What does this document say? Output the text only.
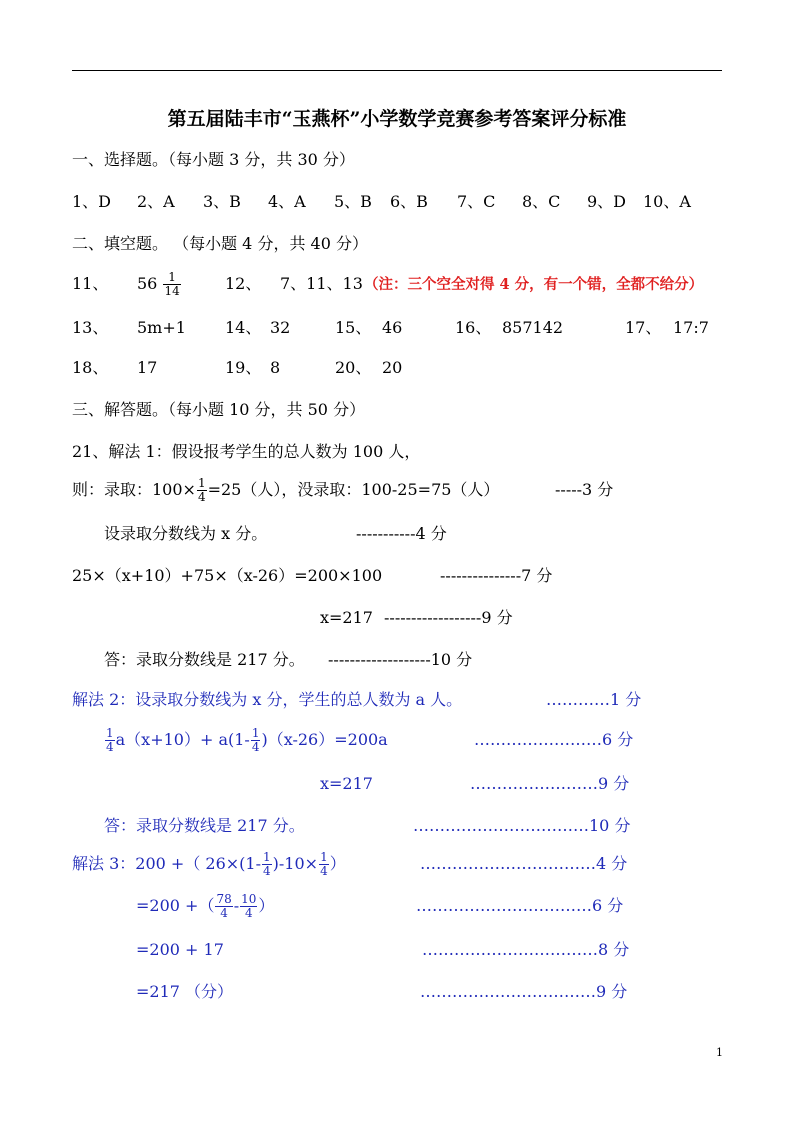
第五届陆丰市“玉燕杯”小学数学竞赛参考答案评分标准
一、选择题。（每小题 3 分，共 30 分）
1、D 2、A 3、B 4、A 5、B 6、B 7、C 8、C 9、D 10、A
二、填空题。 （每小题 4 分，共 40 分）
11、 $56 \frac{1}{14}$	12、 7、11、13 （注：三个空全对得 4 分，有一个错，全都不给分）
13、 5m+1 14、 32	15、 46	16、 857142	17、 17:7
18、 17	19、 8	20、 20
三、解答题。（每小题 10 分，共 50 分）
21、解法 1：假设报考学生的总人数为 100 人，
则：录取：$100\times \frac{1}{4} =25$（人），没录取：100-25=75（人）	-----3 分
设录取分数线为 x 分。	-----------4 分
25×（x+10）+75×（x-26）=200×100	---------------7 分
x=217 ------------------9 分
答：录取分数线是 217 分。 -------------------10 分
解法 2：设录取分数线为 x 分，学生的总人数为 a 人。	…………1 分
$\frac{1}{4} a(x+10)+ a(1- \frac{1}{4} )(x-26)=200a$	……………………6 分
x=217	……………………9 分
答：录取分数线是 217 分。	……………………………10 分
解法 3：200 +（ $26\times(1- \frac{1}{4} )-10\times \frac{1}{4}$ ）	……………………………4 分
=200 +（ $\frac{78}{4} - \frac{10}{4}$ ）	……………………………6 分
=200 + 17	……………………………8 分
=217 （分）	……………………………9 分
1
